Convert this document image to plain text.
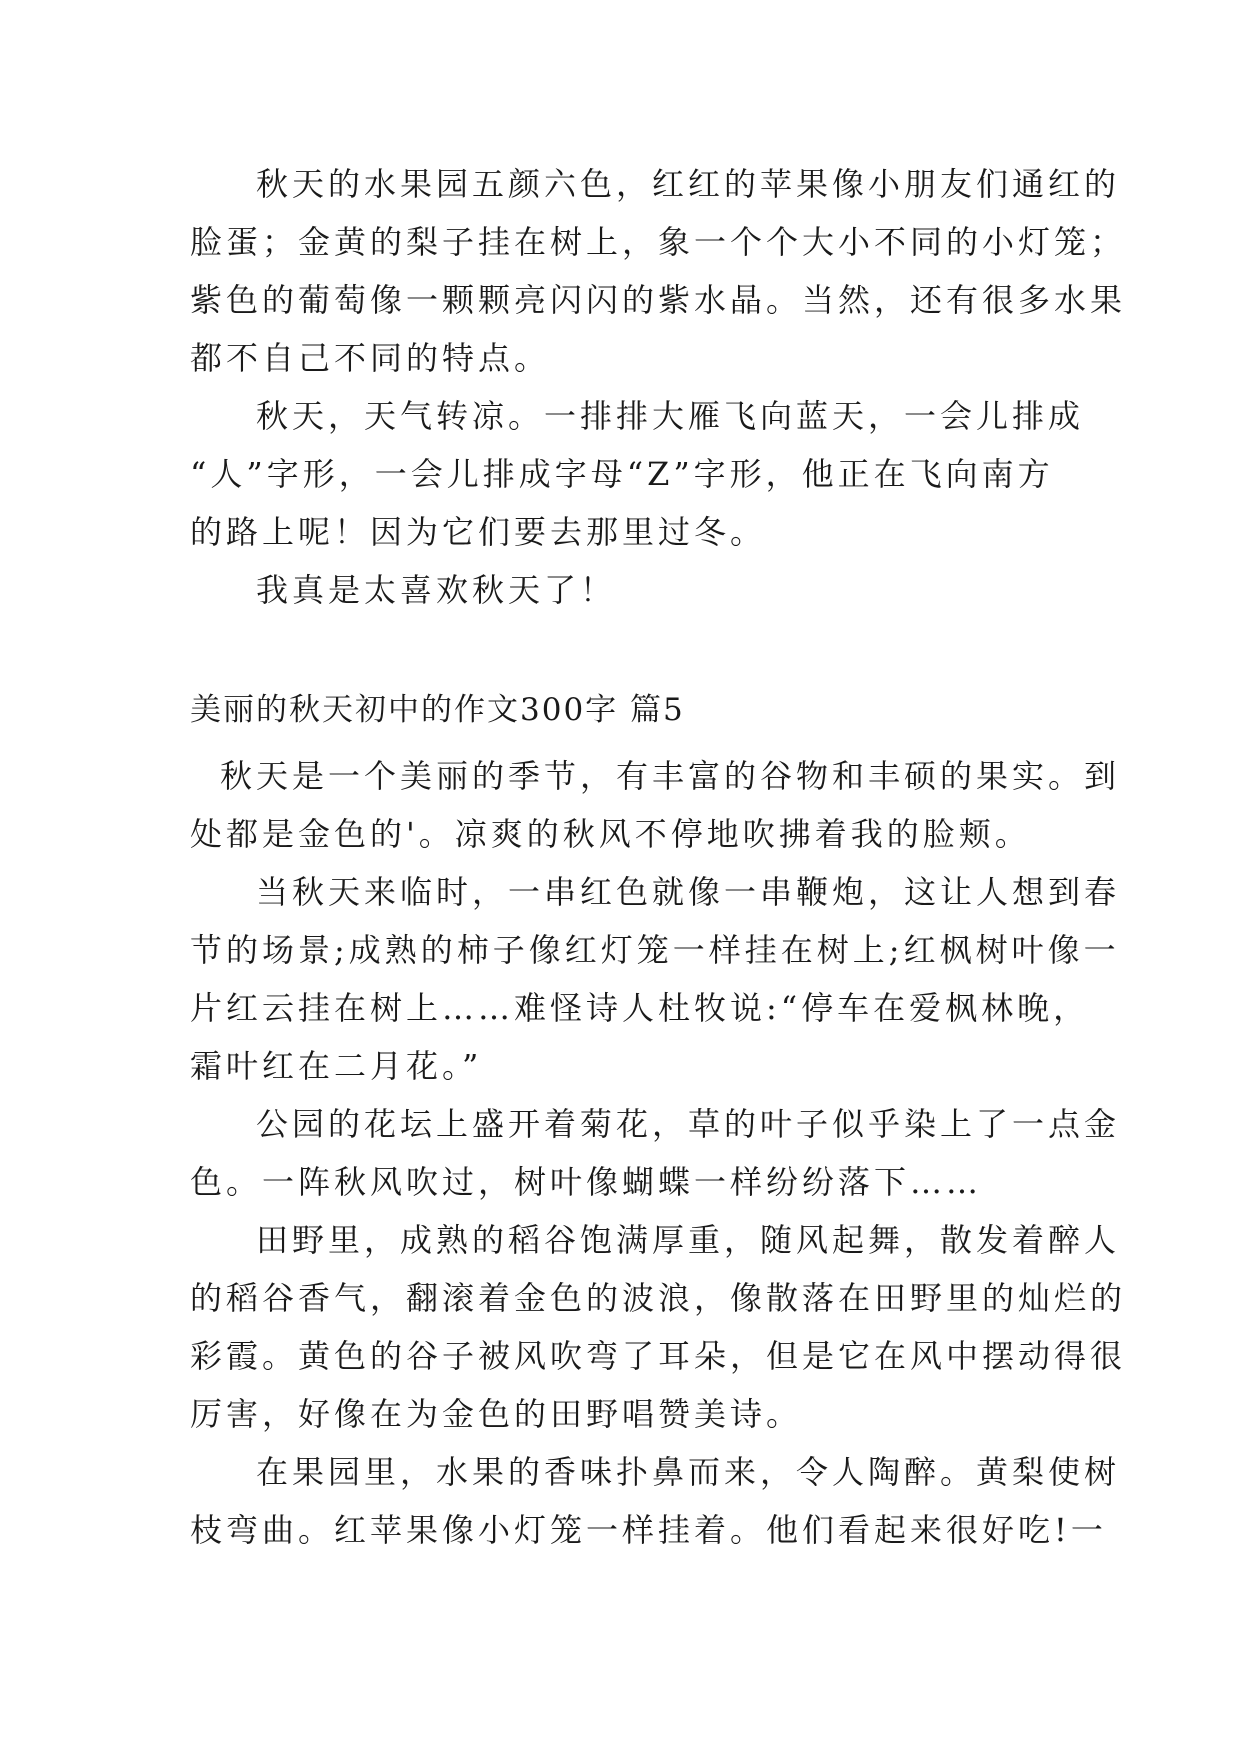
秋天的水果园五颜六色，红红的苹果像小朋友们通红的
脸蛋；金黄的梨子挂在树上，象一个个大小不同的小灯笼；
紫色的葡萄像一颗颗亮闪闪的紫水晶。当然，还有很多水果
都不自己不同的特点。
秋天，天气转凉。一排排大雁飞向蓝天，一会儿排成
“人”字形，一会儿排成字母“Z”字形，他正在飞向南方
的路上呢！因为它们要去那里过冬。
我真是太喜欢秋天了！
美丽的秋天初中的作文300字 篇5
秋天是一个美丽的季节，有丰富的谷物和丰硕的果实。到
处都是金色的'。凉爽的秋风不停地吹拂着我的脸颊。
当秋天来临时，一串红色就像一串鞭炮，这让人想到春
节的场景;成熟的柿子像红灯笼一样挂在树上;红枫树叶像一
片红云挂在树上……难怪诗人杜牧说:“停车在爱枫林晚，
霜叶红在二月花。”
公园的花坛上盛开着菊花，草的叶子似乎染上了一点金
色。一阵秋风吹过，树叶像蝴蝶一样纷纷落下……
田野里，成熟的稻谷饱满厚重，随风起舞，散发着醉人
的稻谷香气，翻滚着金色的波浪，像散落在田野里的灿烂的
彩霞。黄色的谷子被风吹弯了耳朵，但是它在风中摆动得很
厉害，好像在为金色的田野唱赞美诗。
在果园里，水果的香味扑鼻而来，令人陶醉。黄梨使树
枝弯曲。红苹果像小灯笼一样挂着。他们看起来很好吃!一
